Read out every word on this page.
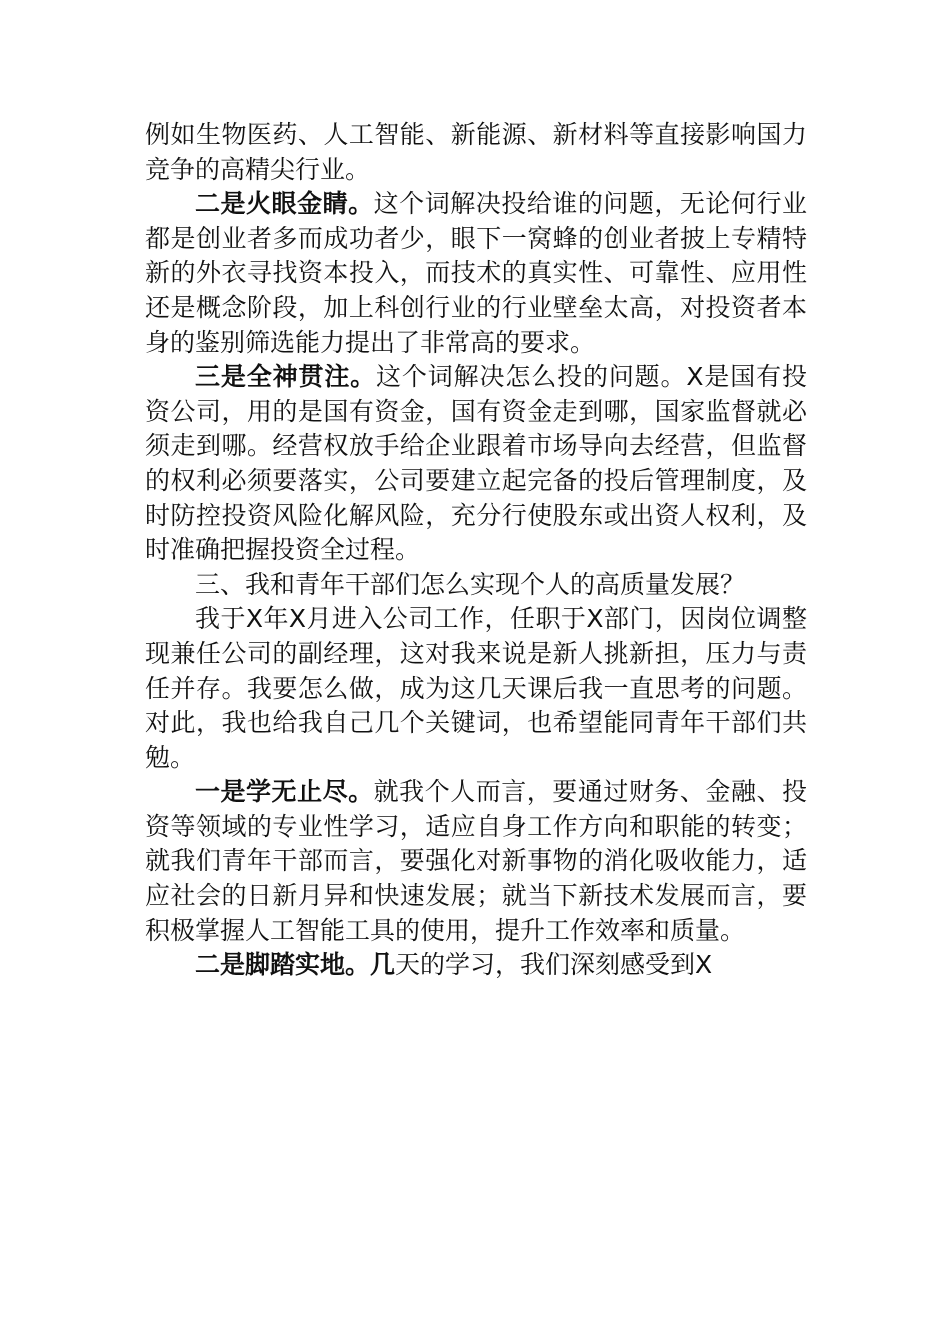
例如生物医药、人工智能、新能源、新材料等直接影响国力竞争的高精尖行业。

二是火眼金睛。这个词解决投给谁的问题，无论何行业都是创业者多而成功者少，眼下一窝蜂的创业者披上专精特新的外衣寻找资本投入，而技术的真实性、可靠性、应用性还是概念阶段，加上科创行业的行业壁垒太高，对投资者本身的鉴别筛选能力提出了非常高的要求。

三是全神贯注。这个词解决怎么投的问题。X是国有投资公司，用的是国有资金，国有资金走到哪，国家监督就必须走到哪。经营权放手给企业跟着市场导向去经营，但监督的权利必须要落实，公司要建立起完备的投后管理制度，及时防控投资风险化解风险，充分行使股东或出资人权利，及时准确把握投资全过程。

三、我和青年干部们怎么实现个人的高质量发展？

我于X年X月进入公司工作，任职于X部门，因岗位调整现兼任公司的副经理，这对我来说是新人挑新担，压力与责任并存。我要怎么做，成为这几天课后我一直思考的问题。对此，我也给我自己几个关键词，也希望能同青年干部们共勉。

一是学无止尽。就我个人而言，要通过财务、金融、投资等领域的专业性学习，适应自身工作方向和职能的转变；就我们青年干部而言，要强化对新事物的消化吸收能力，适应社会的日新月异和快速发展；就当下新技术发展而言，要积极掌握人工智能工具的使用，提升工作效率和质量。

二是脚踏实地。几天的学习，我们深刻感受到X
